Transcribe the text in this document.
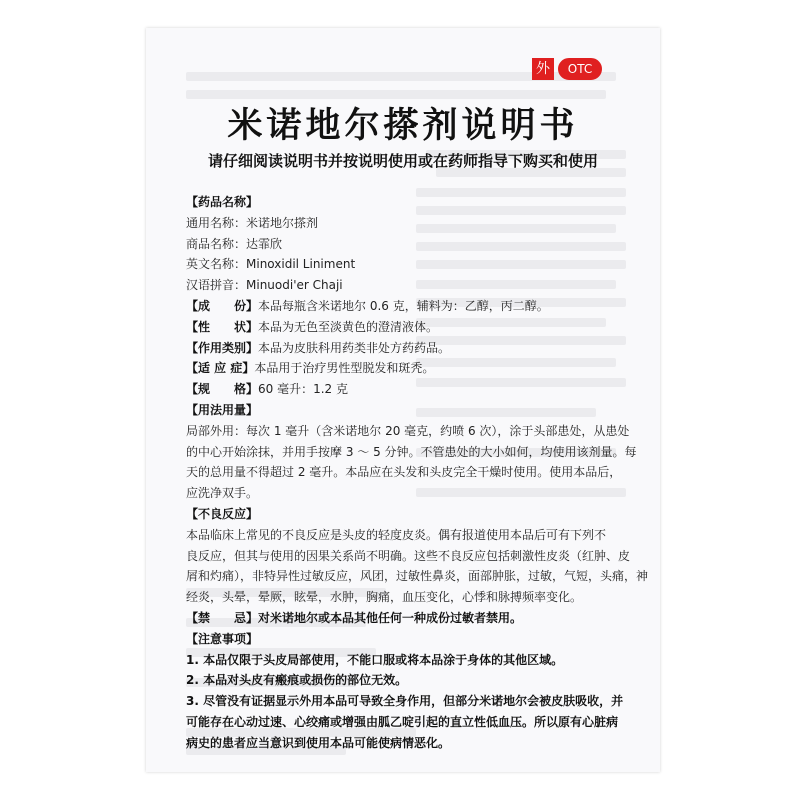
外	OTC
米诺地尔搽剂说明书
请仔细阅读说明书并按说明使用或在药师指导下购买和使用
【药品名称】
通用名称：米诺地尔搽剂
商品名称：达霏欣
英文名称：Minoxidil Liniment
汉语拼音：Minuodi'er Chaji
【成　　份】本品每瓶含米诺地尔 0.6 克，辅料为：乙醇，丙二醇。
【性　　状】本品为无色至淡黄色的澄清液体。
【作用类别】本品为皮肤科用药类非处方药药品。
【适 应 症】本品用于治疗男性型脱发和斑秃。
【规　　格】60 毫升：1.2 克
【用法用量】
局部外用：每次 1 毫升（含米诺地尔 20 毫克，约喷 6 次），涂于头部患处，从患处
的中心开始涂抹，并用手按摩 3 ～ 5 分钟。不管患处的大小如何，均使用该剂量。每
天的总用量不得超过 2 毫升。本品应在头发和头皮完全干燥时使用。使用本品后，
应洗净双手。
【不良反应】
本品临床上常见的不良反应是头皮的轻度皮炎。偶有报道使用本品后可有下列不
良反应，但其与使用的因果关系尚不明确。这些不良反应包括刺激性皮炎（红肿、皮
屑和灼痛），非特异性过敏反应，风团，过敏性鼻炎，面部肿胀，过敏，气短，头痛，神
经炎，头晕，晕厥，眩晕，水肿，胸痛，血压变化，心悸和脉搏频率变化。
【禁　　忌】对米诺地尔或本品其他任何一种成份过敏者禁用。
【注意事项】
1. 本品仅限于头皮局部使用，不能口服或将本品涂于身体的其他区域。
2. 本品对头皮有瘢痕或损伤的部位无效。
3. 尽管没有证据显示外用本品可导致全身作用，但部分米诺地尔会被皮肤吸收，并
可能存在心动过速、心绞痛或增强由胍乙啶引起的直立性低血压。所以原有心脏病
病史的患者应当意识到使用本品可能使病情恶化。
